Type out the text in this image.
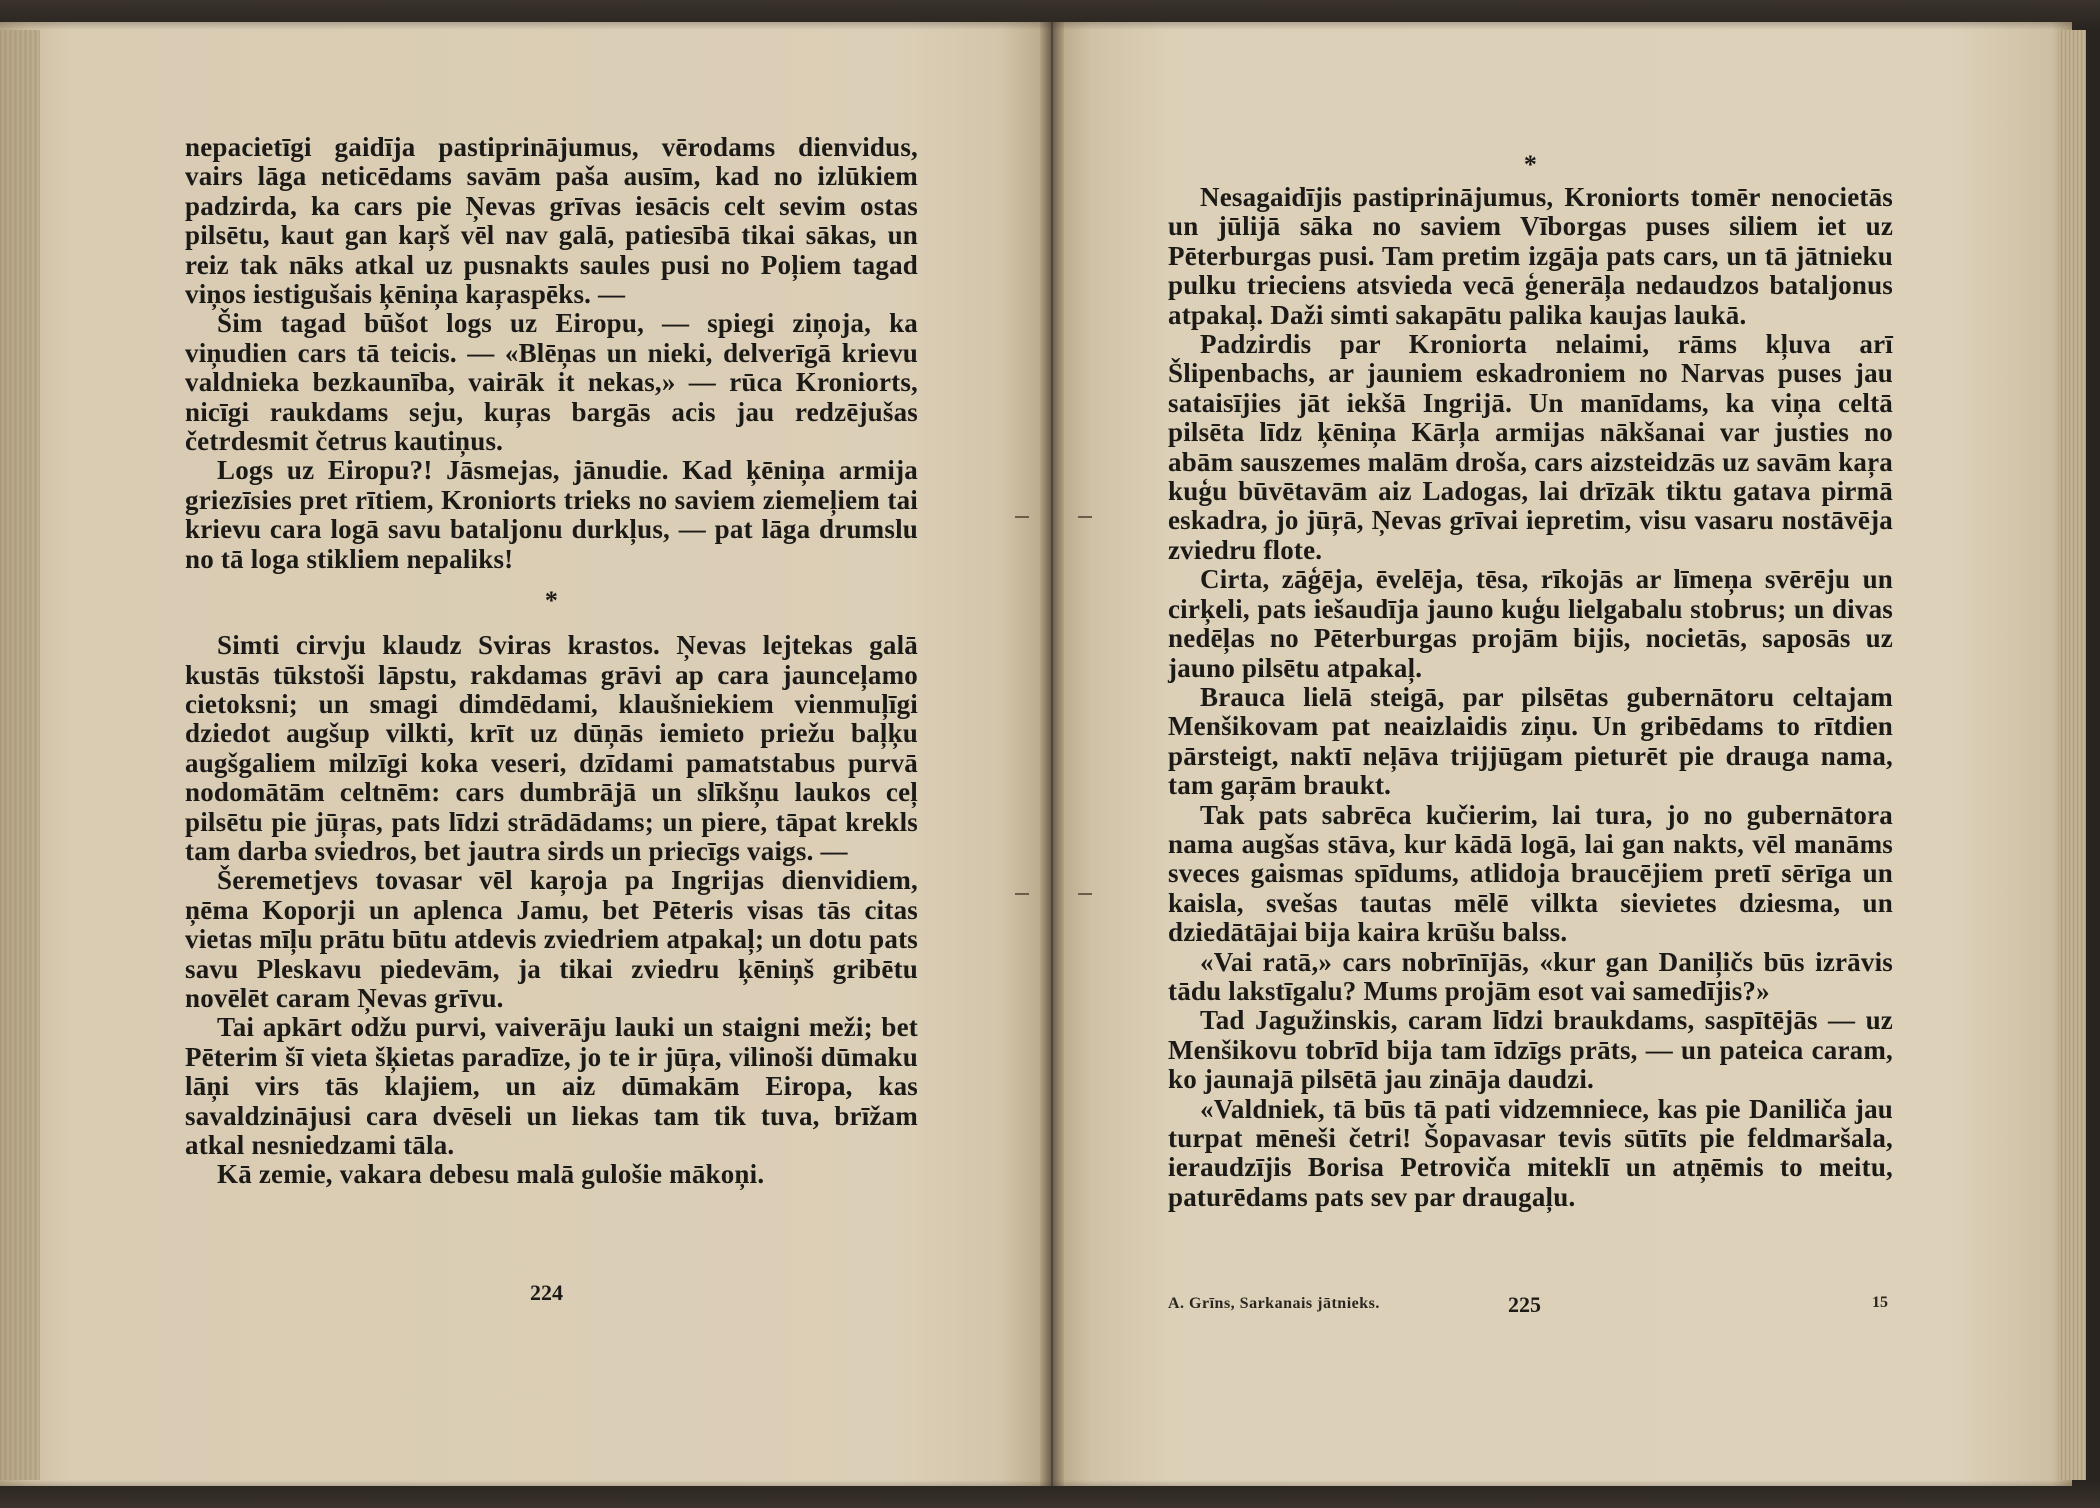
nepacietīgi gaidīja pastiprinājumus, vērodams dienvidus, vairs lāga neticēdams savām paša ausīm, kad no izlūkiem padzirda, ka cars pie Ņevas grīvas iesācis celt sevim ostas pilsētu, kaut gan kaŗš vēl nav galā, patiesībā tikai sākas, un reiz tak nāks atkal uz pusnakts saules pusi no Poļiem tagad viņos iestigušais ķēniņa kaŗaspēks. —

Šim tagad būšot logs uz Eiropu, — spiegi ziņoja, ka viņudien cars tā teicis. — «Blēņas un nieki, delverīgā krievu valdnieka bezkaunība, vairāk it nekas,» — rūca Kroniorts, nicīgi raukdams seju, kuŗas bargās acis jau redzējušas četrdesmit četrus kautiņus.

Logs uz Eiropu?! Jāsmejas, jānudie. Kad ķēniņa armija griezīsies pret rītiem, Kroniorts trieks no saviem ziemeļiem tai krievu cara logā savu bataljonu durkļus, — pat lāga drumslu no tā loga stikliem nepaliks!

*

Simti cirvju klaudz Sviras krastos. Ņevas lejtekas galā kustās tūkstoši lāpstu, rakdamas grāvi ap cara jaunceļamo cietoksni; un smagi dimdēdami, klaušniekiem vienmuļīgi dziedot augšup vilkti, krīt uz dūņās iemieto priežu baļķu augšgaliem milzīgi koka veseri, dzīdami pamatstabus purvā nodomātām celtnēm: cars dumbrājā un slīkšņu laukos ceļ pilsētu pie jūŗas, pats līdzi strādādams; un piere, tāpat krekls tam darba sviedros, bet jautra sirds un priecīgs vaigs. —

Šeremetjevs tovasar vēl kaŗoja pa Ingrijas dienvidiem, ņēma Koporji un aplenca Jamu, bet Pēteris visas tās citas vietas mīļu prātu būtu atdevis zviedriem atpakaļ; un dotu pats savu Pleskavu piedevām, ja tikai zviedru ķēniņš gribētu novēlēt caram Ņevas grīvu.

Tai apkārt odžu purvi, vaiverāju lauki un staigni meži; bet Pēterim šī vieta šķietas paradīze, jo te ir jūŗa, vilinoši dūmaku lāņi virs tās klajiem, un aiz dūmakām Eiropa, kas savaldzinājusi cara dvēseli un liekas tam tik tuva, brīžam atkal nesniedzami tāla.

Kā zemie, vakara debesu malā gulošie mākoņi.

224
*

Nesagaidījis pastiprinājumus, Kroniorts tomēr nenocietās un jūlijā sāka no saviem Vīborgas puses siliem iet uz Pēterburgas pusi. Tam pretim izgāja pats cars, un tā jātnieku pulku trieciens atsvieda vecā ģenerāļa nedaudzos bataljonus atpakaļ. Daži simti sakapātu palika kaujas laukā.

Padzirdis par Kroniorta nelaimi, rāms kļuva arī Šlipenbachs, ar jauniem eskadroniem no Narvas puses jau sataisījies jāt iekšā Ingrijā. Un manīdams, ka viņa celtā pilsēta līdz ķēniņa Kārļa armijas nākšanai var justies no abām sauszemes malām droša, cars aizsteidzās uz savām kaŗa kuģu būvētavām aiz Ladogas, lai drīzāk tiktu gatava pirmā eskadra, jo jūŗā, Ņevas grīvai iepretim, visu vasaru nostāvēja zviedru flote.

Cirta, zāģēja, ēvelēja, tēsa, rīkojās ar līmeņa svērēju un cirķeli, pats iešaudīja jauno kuģu lielgabalu stobrus; un divas nedēļas no Pēterburgas projām bijis, nocietās, saposās uz jauno pilsētu atpakaļ.

Brauca lielā steigā, par pilsētas gubernātoru celtajam Menšikovam pat neaizlaidis ziņu. Un gribēdams to rītdien pārsteigt, naktī neļāva trijjūgam pieturēt pie drauga nama, tam gaŗām braukt.

Tak pats sabrēca kučierim, lai tura, jo no gubernātora nama augšas stāva, kur kādā logā, lai gan nakts, vēl manāms sveces gaismas spīdums, atlidoja braucējiem pretī sērīga un kaisla, svešas tautas mēlē vilkta sievietes dziesma, un dziedātājai bija kaira krūšu balss.

«Vai ratā,» cars nobrīnījās, «kur gan Daniļičs būs izrāvis tādu lakstīgalu? Mums projām esot vai samedījis?»

Tad Jagužinskis, caram līdzi braukdams, saspītējās — uz Menšikovu tobrīd bija tam īdzīgs prāts, — un pateica caram, ko jaunajā pilsētā jau zināja daudzi.

«Valdniek, tā būs tā pati vidzemniece, kas pie Daniliča jau turpat mēneši četri! Šopavasar tevis sūtīts pie feldmaršala, ieraudzījis Borisa Petroviča miteklī un atņēmis to meitu, paturēdams pats sev par draugaļu.

A. Grīns, Sarkanais jātnieks.	225	15
